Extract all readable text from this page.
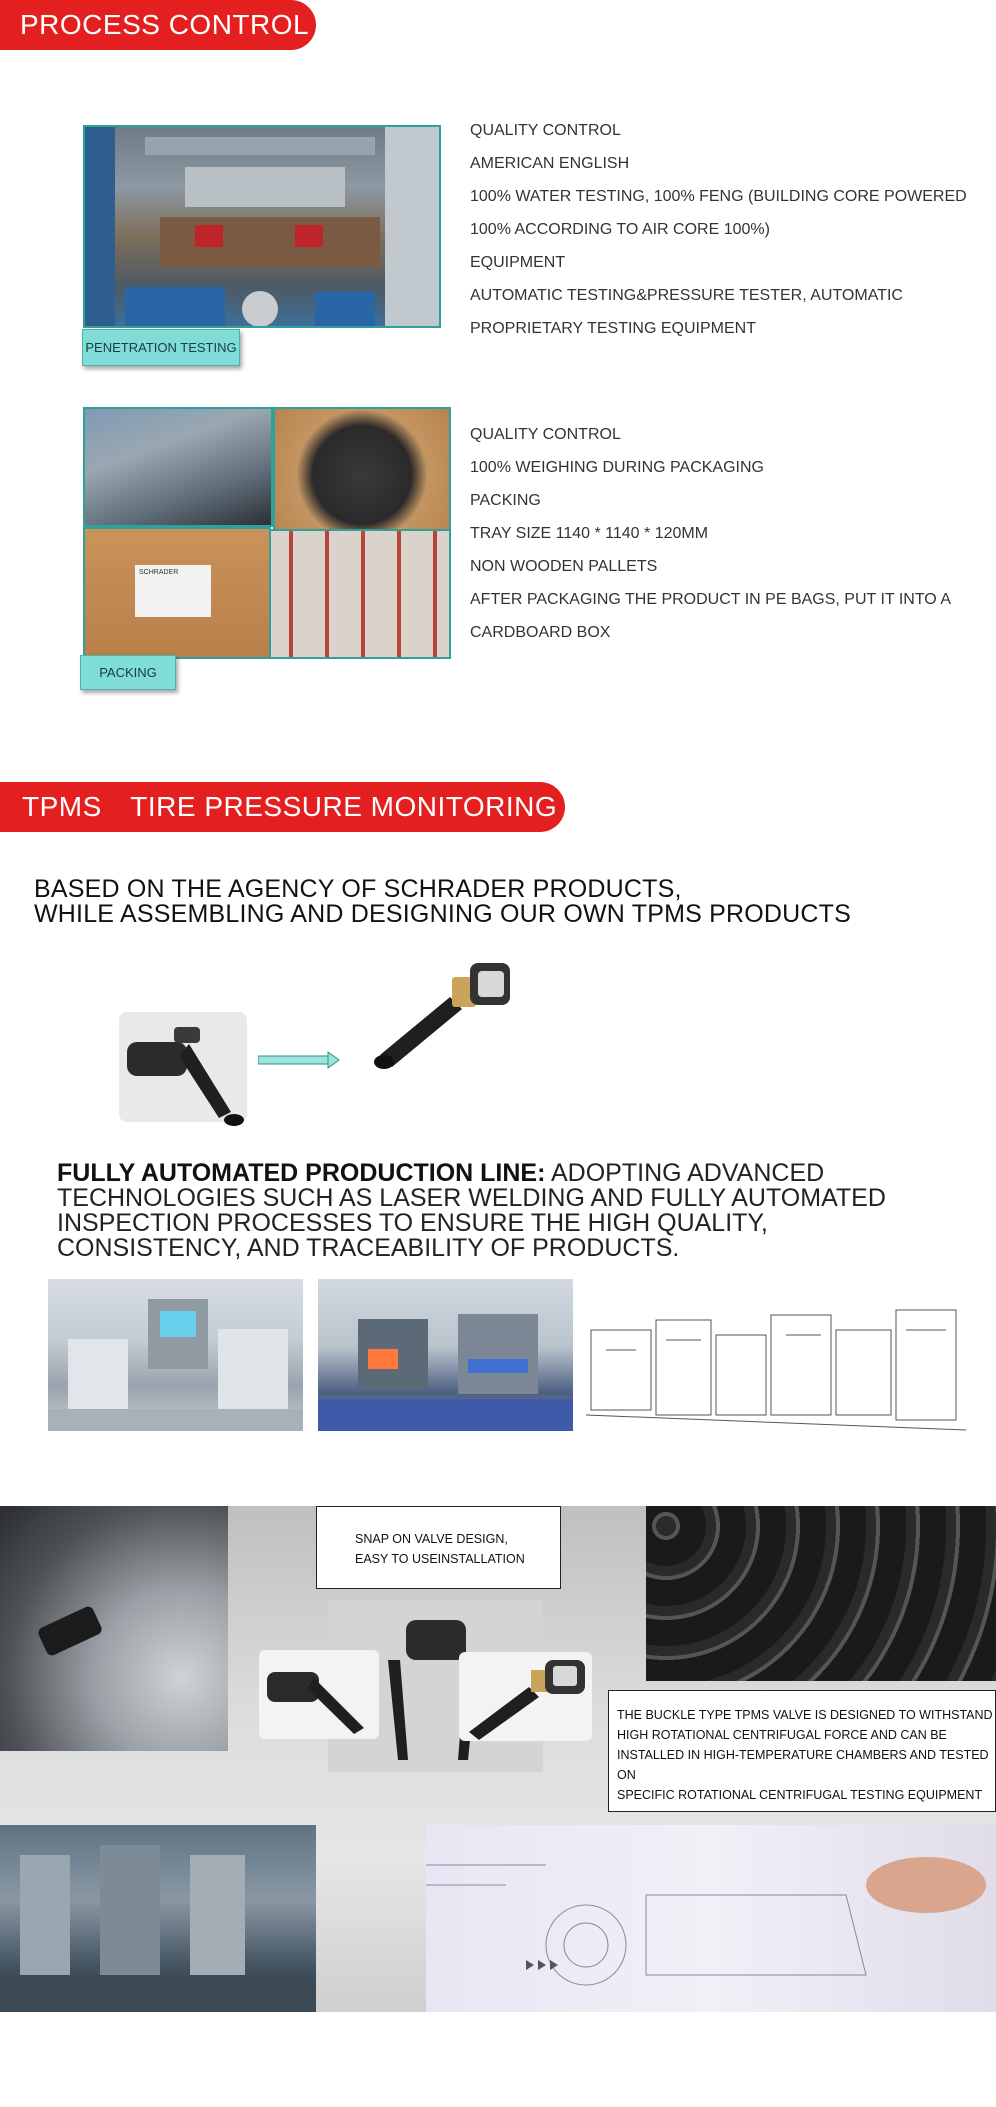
PROCESS CONTROL
PENETRATION TESTING
QUALITY CONTROL
AMERICAN ENGLISH
100% WATER TESTING, 100% FENG (BUILDING CORE POWERED
100% ACCORDING TO AIR CORE 100%)
EQUIPMENT
AUTOMATIC TESTING&PRESSURE TESTER, AUTOMATIC
PROPRIETARY TESTING EQUIPMENT
SCHRADER
PACKING
QUALITY CONTROL
100% WEIGHING DURING PACKAGING
PACKING
TRAY SIZE 1140 * 1140 * 120MM
NON WOODEN PALLETS
AFTER PACKAGING THE PRODUCT IN PE BAGS, PUT IT INTO A
CARDBOARD BOX
TPMS TIRE PRESSURE MONITORING
BASED ON THE AGENCY OF SCHRADER PRODUCTS,
WHILE ASSEMBLING AND DESIGNING OUR OWN TPMS PRODUCTS
FULLY AUTOMATED PRODUCTION LINE: ADOPTING ADVANCED TECHNOLOGIES SUCH AS LASER WELDING AND FULLY AUTOMATED INSPECTION PROCESSES TO ENSURE THE HIGH QUALITY, CONSISTENCY, AND TRACEABILITY OF PRODUCTS.
SNAP ON VALVE DESIGN,
EASY TO USEINSTALLATION
THE BUCKLE TYPE TPMS VALVE IS DESIGNED TO WITHSTAND
HIGH ROTATIONAL CENTRIFUGAL FORCE AND CAN BE
INSTALLED IN HIGH-TEMPERATURE CHAMBERS AND TESTED ON
SPECIFIC ROTATIONAL CENTRIFUGAL TESTING EQUIPMENT
